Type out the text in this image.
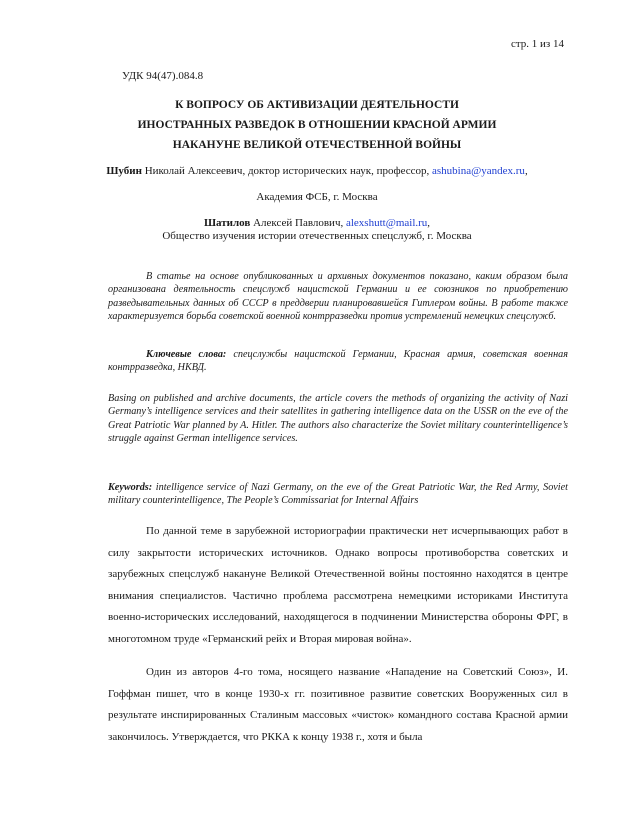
стр. 1 из 14
УДК 94(47).084.8
К ВОПРОСУ ОБ АКТИВИЗАЦИИ ДЕЯТЕЛЬНОСТИ
ИНОСТРАННЫХ РАЗВЕДОК В ОТНОШЕНИИ КРАСНОЙ АРМИИ
НАКАНУНЕ ВЕЛИКОЙ ОТЕЧЕСТВЕННОЙ ВОЙНЫ
Шубин Николай Алексеевич, доктор исторических наук, профессор, ashubina@yandex.ru,
Академия ФСБ, г. Москва
Шатилов Алексей Павлович, alexshutt@mail.ru,
Общество изучения истории отечественных спецслужб, г. Москва

В статье на основе опубликованных и архивных документов показано, каким образом была организована деятельность спецслужб нацистской Германии и ее союзников по приобретению разведывательных данных об СССР в преддверии планировавшейся Гитлером войны. В работе также характеризуется борьба советской военной контрразведки против устремлений немецких спецслужб.

Ключевые слова: спецслужбы нацистской Германии, Красная армия, советская военная контрразведка, НКВД.

Basing on published and archive documents, the article covers the methods of organizing the activity of Nazi Germany’s intelligence services and their satellites in gathering intelligence data on the USSR on the eve of the Great Patriotic War planned by A. Hitler. The authors also characterize the Soviet military counterintelligence’s struggle against German intelligence services.

Keywords: intelligence service of Nazi Germany, on the eve of the Great Patriotic War, the Red Army, Soviet military counterintelligence, The People’s Commissariat for Internal Affairs

По данной теме в зарубежной историографии практически нет исчерпывающих работ в силу закрытости исторических источников. Однако вопросы противоборства советских и зарубежных спецслужб накануне Великой Отечественной войны постоянно находятся в центре внимания специалистов. Частично проблема рассмотрена немецкими историками Института военно-исторических исследований, находящегося в подчинении Министерства обороны ФРГ, в многотомном труде «Германский рейх и Вторая мировая война».

Один из авторов 4-го тома, носящего название «Нападение на Советский Союз», И. Гоффман пишет, что в конце 1930-х гг. позитивное развитие советских Вооруженных сил в результате инспирированных Сталиным массовых «чисток» командного состава Красной армии закончилось. Утверждается, что РККА к концу 1938 г., хотя и была
